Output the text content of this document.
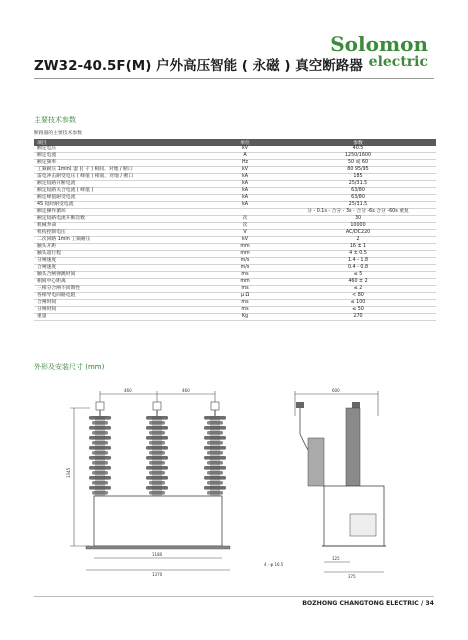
Solomon
electric
ZW32-40.5F(M) 户外高压智能 ( 永磁 ) 真空断路器
主要技术参数
断路器的主要技术参数
项目	单位	参数
额定电压	kV	40.5
额定电流	A	1250/1600
额定频率	Hz	50 或 60
工频耐压 1min( 湿 )( 干 ) 相间、对地 / 断口	kV	80 95/95
雷电冲击耐受电压 ( 峰值 ) 相间、对地 / 断口	kA	185
额定短路开断电流	kA	25/31.5
额定短路关合电流 ( 峰值 )	kA	63/80
额定峰值耐受电流	kA	63/80
4S 短时耐受电流	kA	25/31.5
额定操作循环		分 - 0.1s - 合分 - 3s - 合分 -6s 合分 -60s 重复
额定短路电流开断次数	次	30
机械寿命	次	10000
机构控制电压	V	AC/DC220
二次回路 1min 工频耐压	kV	2
触头开距	mm	16 ± 1
触头超行程	mm	4 ± 0.5
分闸速度	m/s	1.4 - 1.8
合闸速度	m/s	0.4 - 0.8
触头合闸弹跳时间	ms	≤ 5
相间中心距离	mm	460 ± 2
三相分合闸不同期性	ms	≤ 2
各相导电回路电阻	μ Ω	< 80
合闸时间	ms	≤ 100
分闸时间	ms	≤ 50
重量	Kg	270
外形及安装尺寸 (mm)
460	460	600
1345
1180
1370
4 - φ 16.5
125
375
BOZHONG CHANGTONG ELECTRIC / 34
